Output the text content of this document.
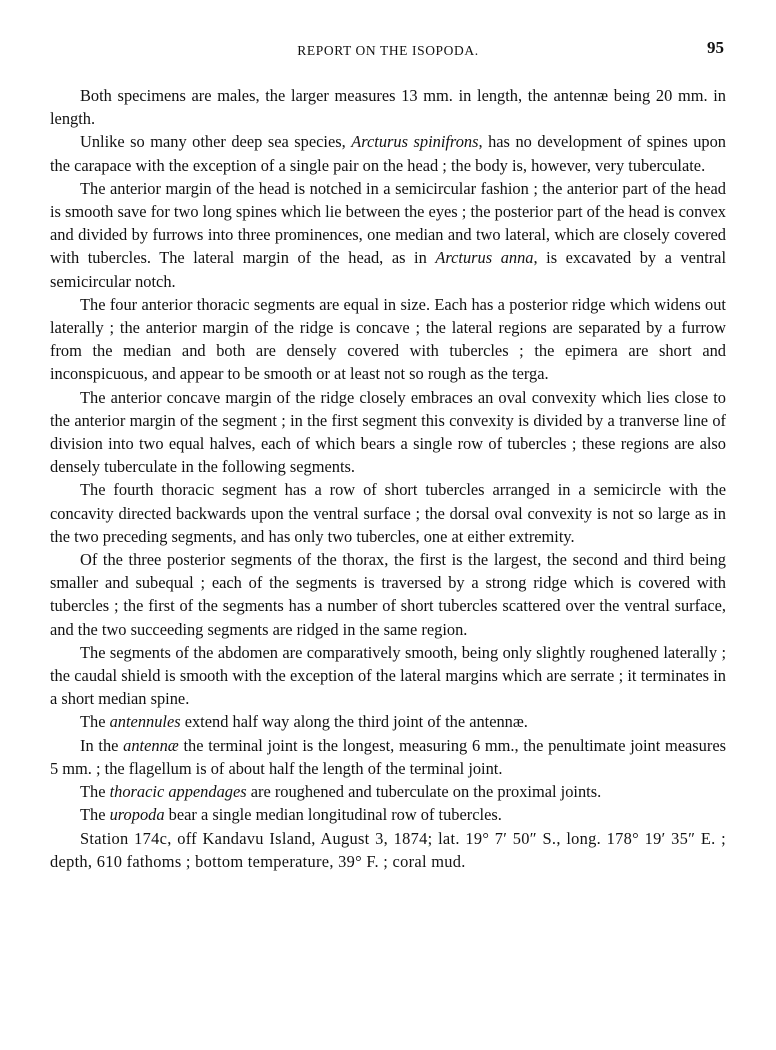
REPORT ON THE ISOPODA.	95

Both specimens are males, the larger measures 13 mm. in length, the antennæ being 20 mm. in length.

Unlike so many other deep sea species, Arcturus spinifrons, has no development of spines upon the carapace with the exception of a single pair on the head ; the body is, however, very tuberculate.

The anterior margin of the head is notched in a semicircular fashion ; the anterior part of the head is smooth save for two long spines which lie between the eyes ; the posterior part of the head is convex and divided by furrows into three prominences, one median and two lateral, which are closely covered with tubercles. The lateral margin of the head, as in Arcturus anna, is excavated by a ventral semicircular notch.

The four anterior thoracic segments are equal in size. Each has a posterior ridge which widens out laterally ; the anterior margin of the ridge is concave ; the lateral regions are separated by a furrow from the median and both are densely covered with tubercles ; the epimera are short and inconspicuous, and appear to be smooth or at least not so rough as the terga.

The anterior concave margin of the ridge closely embraces an oval convexity which lies close to the anterior margin of the segment ; in the first segment this convexity is divided by a tranverse line of division into two equal halves, each of which bears a single row of tubercles ; these regions are also densely tuberculate in the following segments.

The fourth thoracic segment has a row of short tubercles arranged in a semicircle with the concavity directed backwards upon the ventral surface ; the dorsal oval convexity is not so large as in the two preceding segments, and has only two tubercles, one at either extremity.

Of the three posterior segments of the thorax, the first is the largest, the second and third being smaller and subequal ; each of the segments is traversed by a strong ridge which is covered with tubercles ; the first of the segments has a number of short tubercles scattered over the ventral surface, and the two succeeding segments are ridged in the same region.

The segments of the abdomen are comparatively smooth, being only slightly roughened laterally ; the caudal shield is smooth with the exception of the lateral margins which are serrate ; it terminates in a short median spine.

The antennules extend half way along the third joint of the antennæ.

In the antennæ the terminal joint is the longest, measuring 6 mm., the penultimate joint measures 5 mm. ; the flagellum is of about half the length of the terminal joint.

The thoracic appendages are roughened and tuberculate on the proximal joints.

The uropoda bear a single median longitudinal row of tubercles.

Station 174c, off Kandavu Island, August 3, 1874; lat. 19° 7′ 50″ S., long. 178° 19′ 35″ E. ; depth, 610 fathoms ; bottom temperature, 39° F. ; coral mud.
